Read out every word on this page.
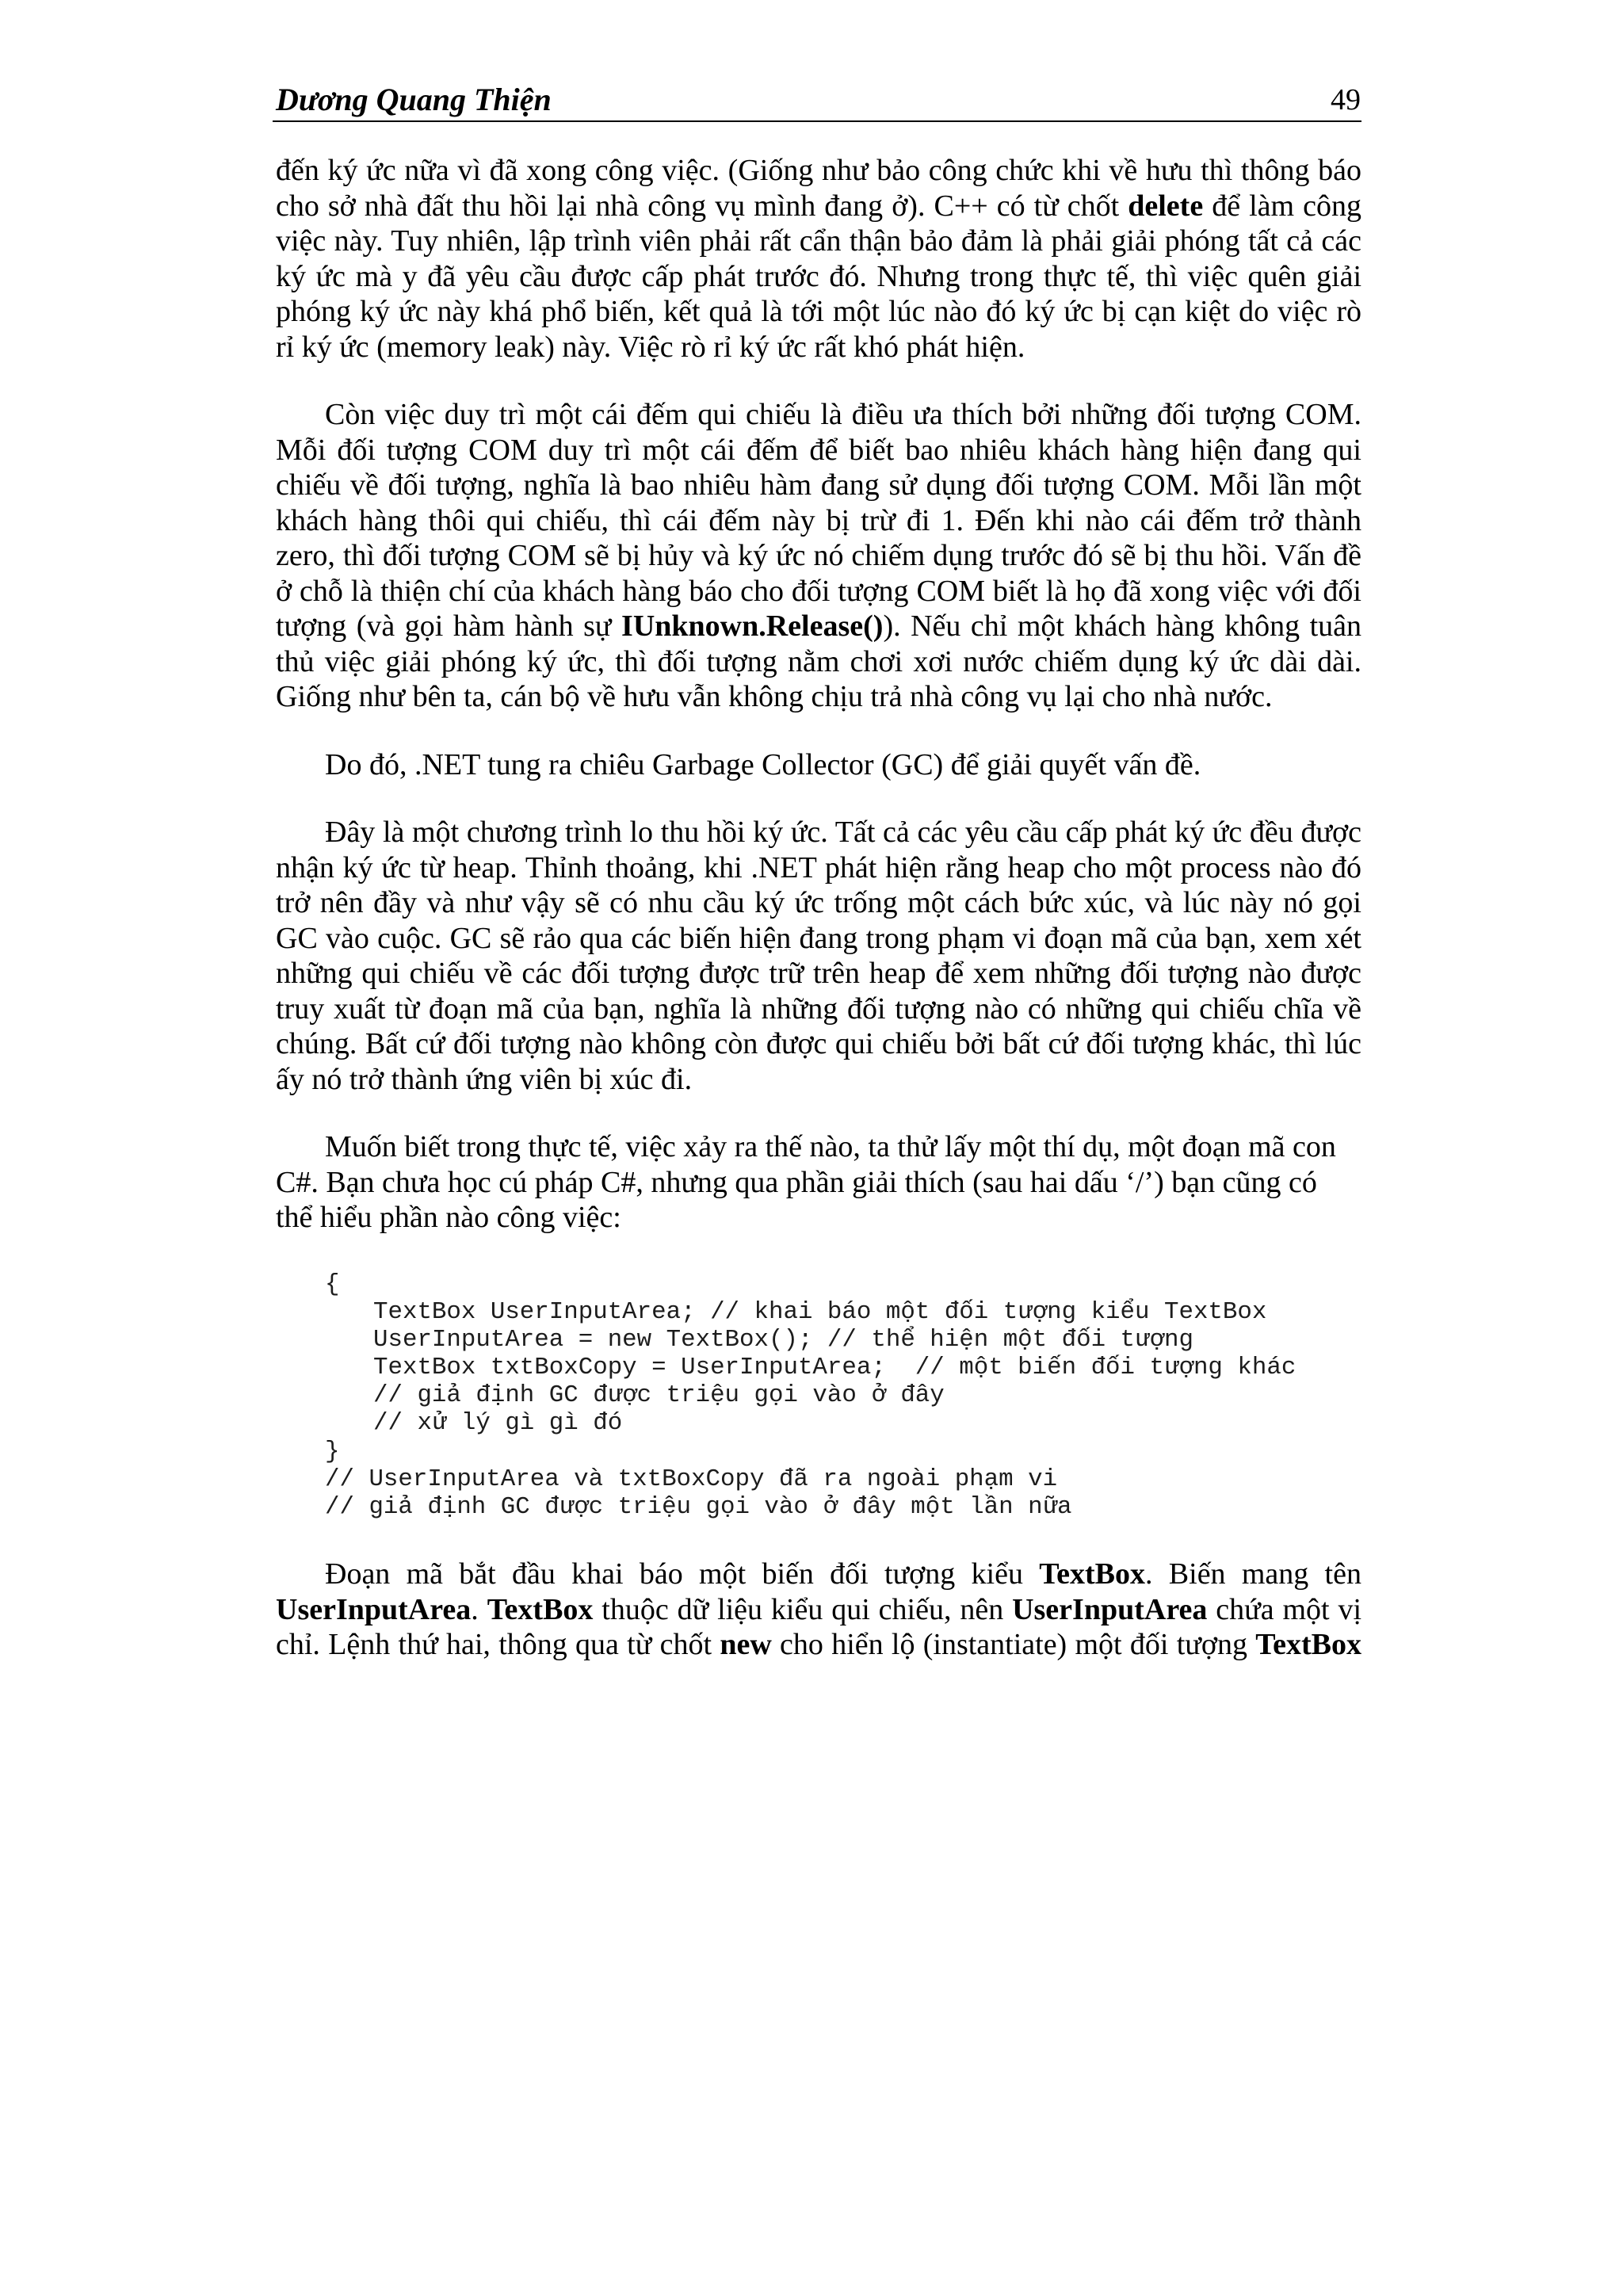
Dương Quang Thiện	49
đến ký ức nữa vì đã xong công việc. (Giống như bảo công chức khi về hưu thì thông báo
cho sở nhà đất thu hồi lại nhà công vụ mình đang ở). C++ có từ chốt delete để làm công
việc này. Tuy nhiên, lập trình viên phải rất cẩn thận bảo đảm là phải giải phóng tất cả các
ký ức mà y đã yêu cầu được cấp phát trước đó. Nhưng trong thực tế, thì việc quên giải
phóng ký ức này khá phổ biến, kết quả là tới một lúc nào đó ký ức bị cạn kiệt do việc rò
rỉ ký ức (memory leak) này. Việc rò rỉ ký ức rất khó phát hiện.
Còn việc duy trì một cái đếm qui chiếu là điều ưa thích bởi những đối tượng COM.
Mỗi đối tượng COM duy trì một cái đếm để biết bao nhiêu khách hàng hiện đang qui
chiếu về đối tượng, nghĩa là bao nhiêu hàm đang sử dụng đối tượng COM. Mỗi lần một
khách hàng thôi qui chiếu, thì cái đếm này bị trừ đi 1. Đến khi nào cái đếm trở thành
zero, thì đối tượng COM sẽ bị hủy và ký ức nó chiếm dụng trước đó sẽ bị thu hồi. Vấn đề
ở chỗ là thiện chí của khách hàng báo cho đối tượng COM biết là họ đã xong việc với đối
tượng (và gọi hàm hành sự IUnknown.Release()). Nếu chỉ một khách hàng không tuân
thủ việc giải phóng ký ức, thì đối tượng nằm chơi xơi nước chiếm dụng ký ức dài dài.
Giống như bên ta, cán bộ về hưu vẫn không chịu trả nhà công vụ lại cho nhà nước.
Do đó, .NET tung ra chiêu Garbage Collector (GC) để giải quyết vấn đề.
Đây là một chương trình lo thu hồi ký ức. Tất cả các yêu cầu cấp phát ký ức đều được
nhận ký ức từ heap. Thỉnh thoảng, khi .NET phát hiện rằng heap cho một process nào đó
trở nên đầy và như vậy sẽ có nhu cầu ký ức trống một cách bức xúc, và lúc này nó gọi
GC vào cuộc. GC sẽ rảo qua các biến hiện đang trong phạm vi đoạn mã của bạn, xem xét
những qui chiếu về các đối tượng được trữ trên heap để xem những đối tượng nào được
truy xuất từ đoạn mã của bạn, nghĩa là những đối tượng nào có những qui chiếu chĩa về
chúng. Bất cứ đối tượng nào không còn được qui chiếu bởi bất cứ đối tượng khác, thì lúc
ấy nó trở thành ứng viên bị xúc đi.
Muốn biết trong thực tế, việc xảy ra thế nào, ta thử lấy một thí dụ, một đoạn mã con
C#. Bạn chưa học cú pháp C#, nhưng qua phần giải thích (sau hai dấu ‘/’) bạn cũng có
thể hiểu phần nào công việc:
{
TextBox UserInputArea; // khai báo một đối tượng kiểu TextBox
UserInputArea = new TextBox(); // thể hiện một đối tượng
TextBox txtBoxCopy = UserInputArea;  // một biến đối tượng khác
// giả định GC được triệu gọi vào ở đây
// xử lý gì gì đó
}
// UserInputArea và txtBoxCopy đã ra ngoài phạm vi
// giả định GC được triệu gọi vào ở đây một lần nữa
Đoạn mã bắt đầu khai báo một biến đối tượng kiểu TextBox. Biến mang tên
UserInputArea. TextBox thuộc dữ liệu kiểu qui chiếu, nên UserInputArea chứa một vị
chỉ. Lệnh thứ hai, thông qua từ chốt new cho hiển lộ (instantiate) một đối tượng TextBox
